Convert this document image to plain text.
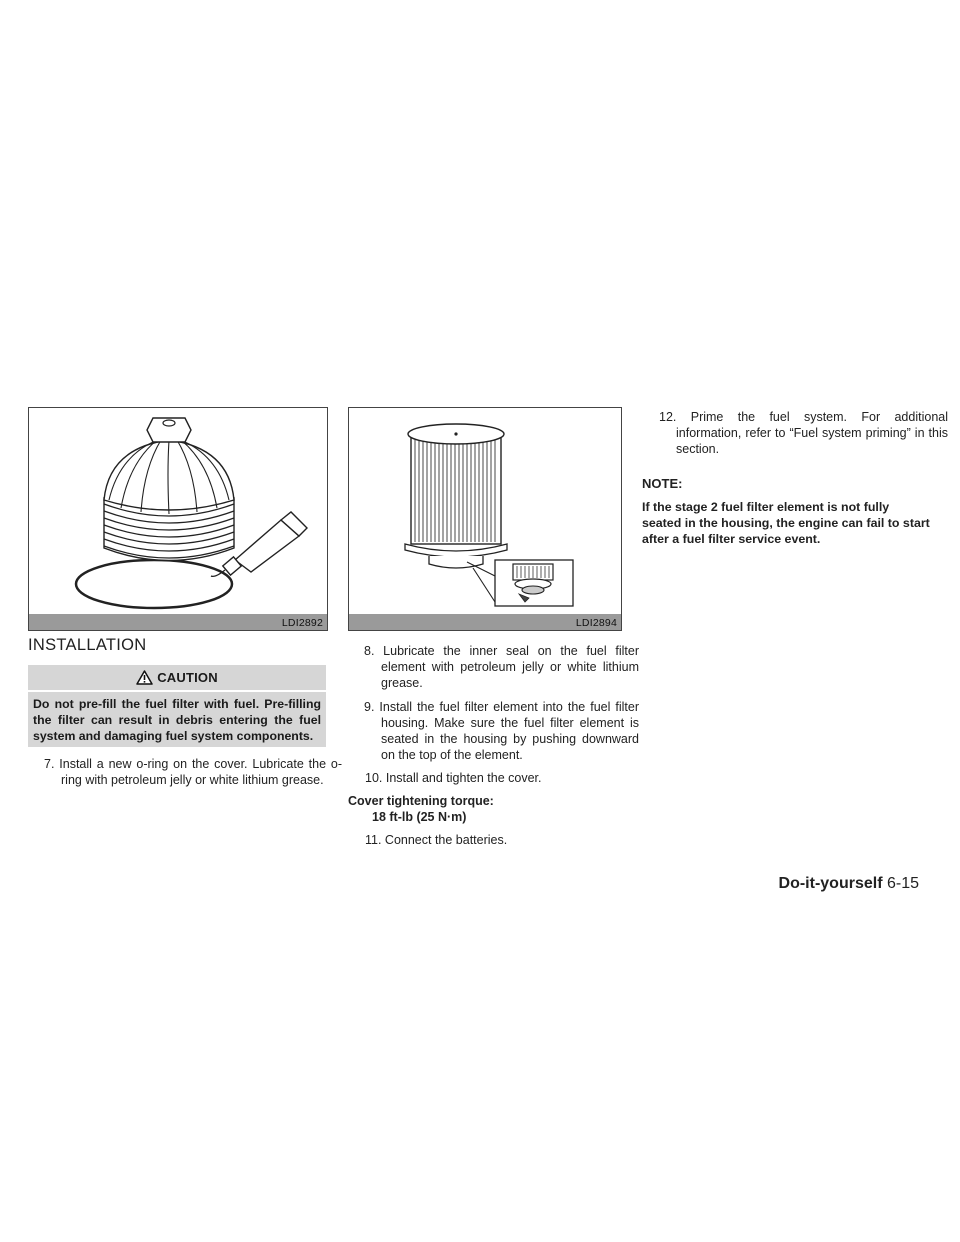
LDI2892	LDI2894
INSTALLATION
CAUTION
Do not pre-fill the fuel filter with fuel. Pre-filling the filter can result in debris entering the fuel system and damaging fuel system components.
7. Install a new o-ring on the cover. Lubricate the o-ring with petroleum jelly or white lithium grease.
8. Lubricate the inner seal on the fuel filter element with petroleum jelly or white lithium grease.
9. Install the fuel filter element into the fuel filter housing. Make sure the fuel filter element is seated in the housing by pushing downward on the top of the element.
10. Install and tighten the cover.
Cover tightening torque:
18 ft-lb (25 N·m)
11. Connect the batteries.
12. Prime the fuel system. For additional information, refer to “Fuel system priming” in this section.
NOTE:
If the stage 2 fuel filter element is not fully seated in the housing, the engine can fail to start after a fuel filter service event.
Do-it-yourself 6-15
